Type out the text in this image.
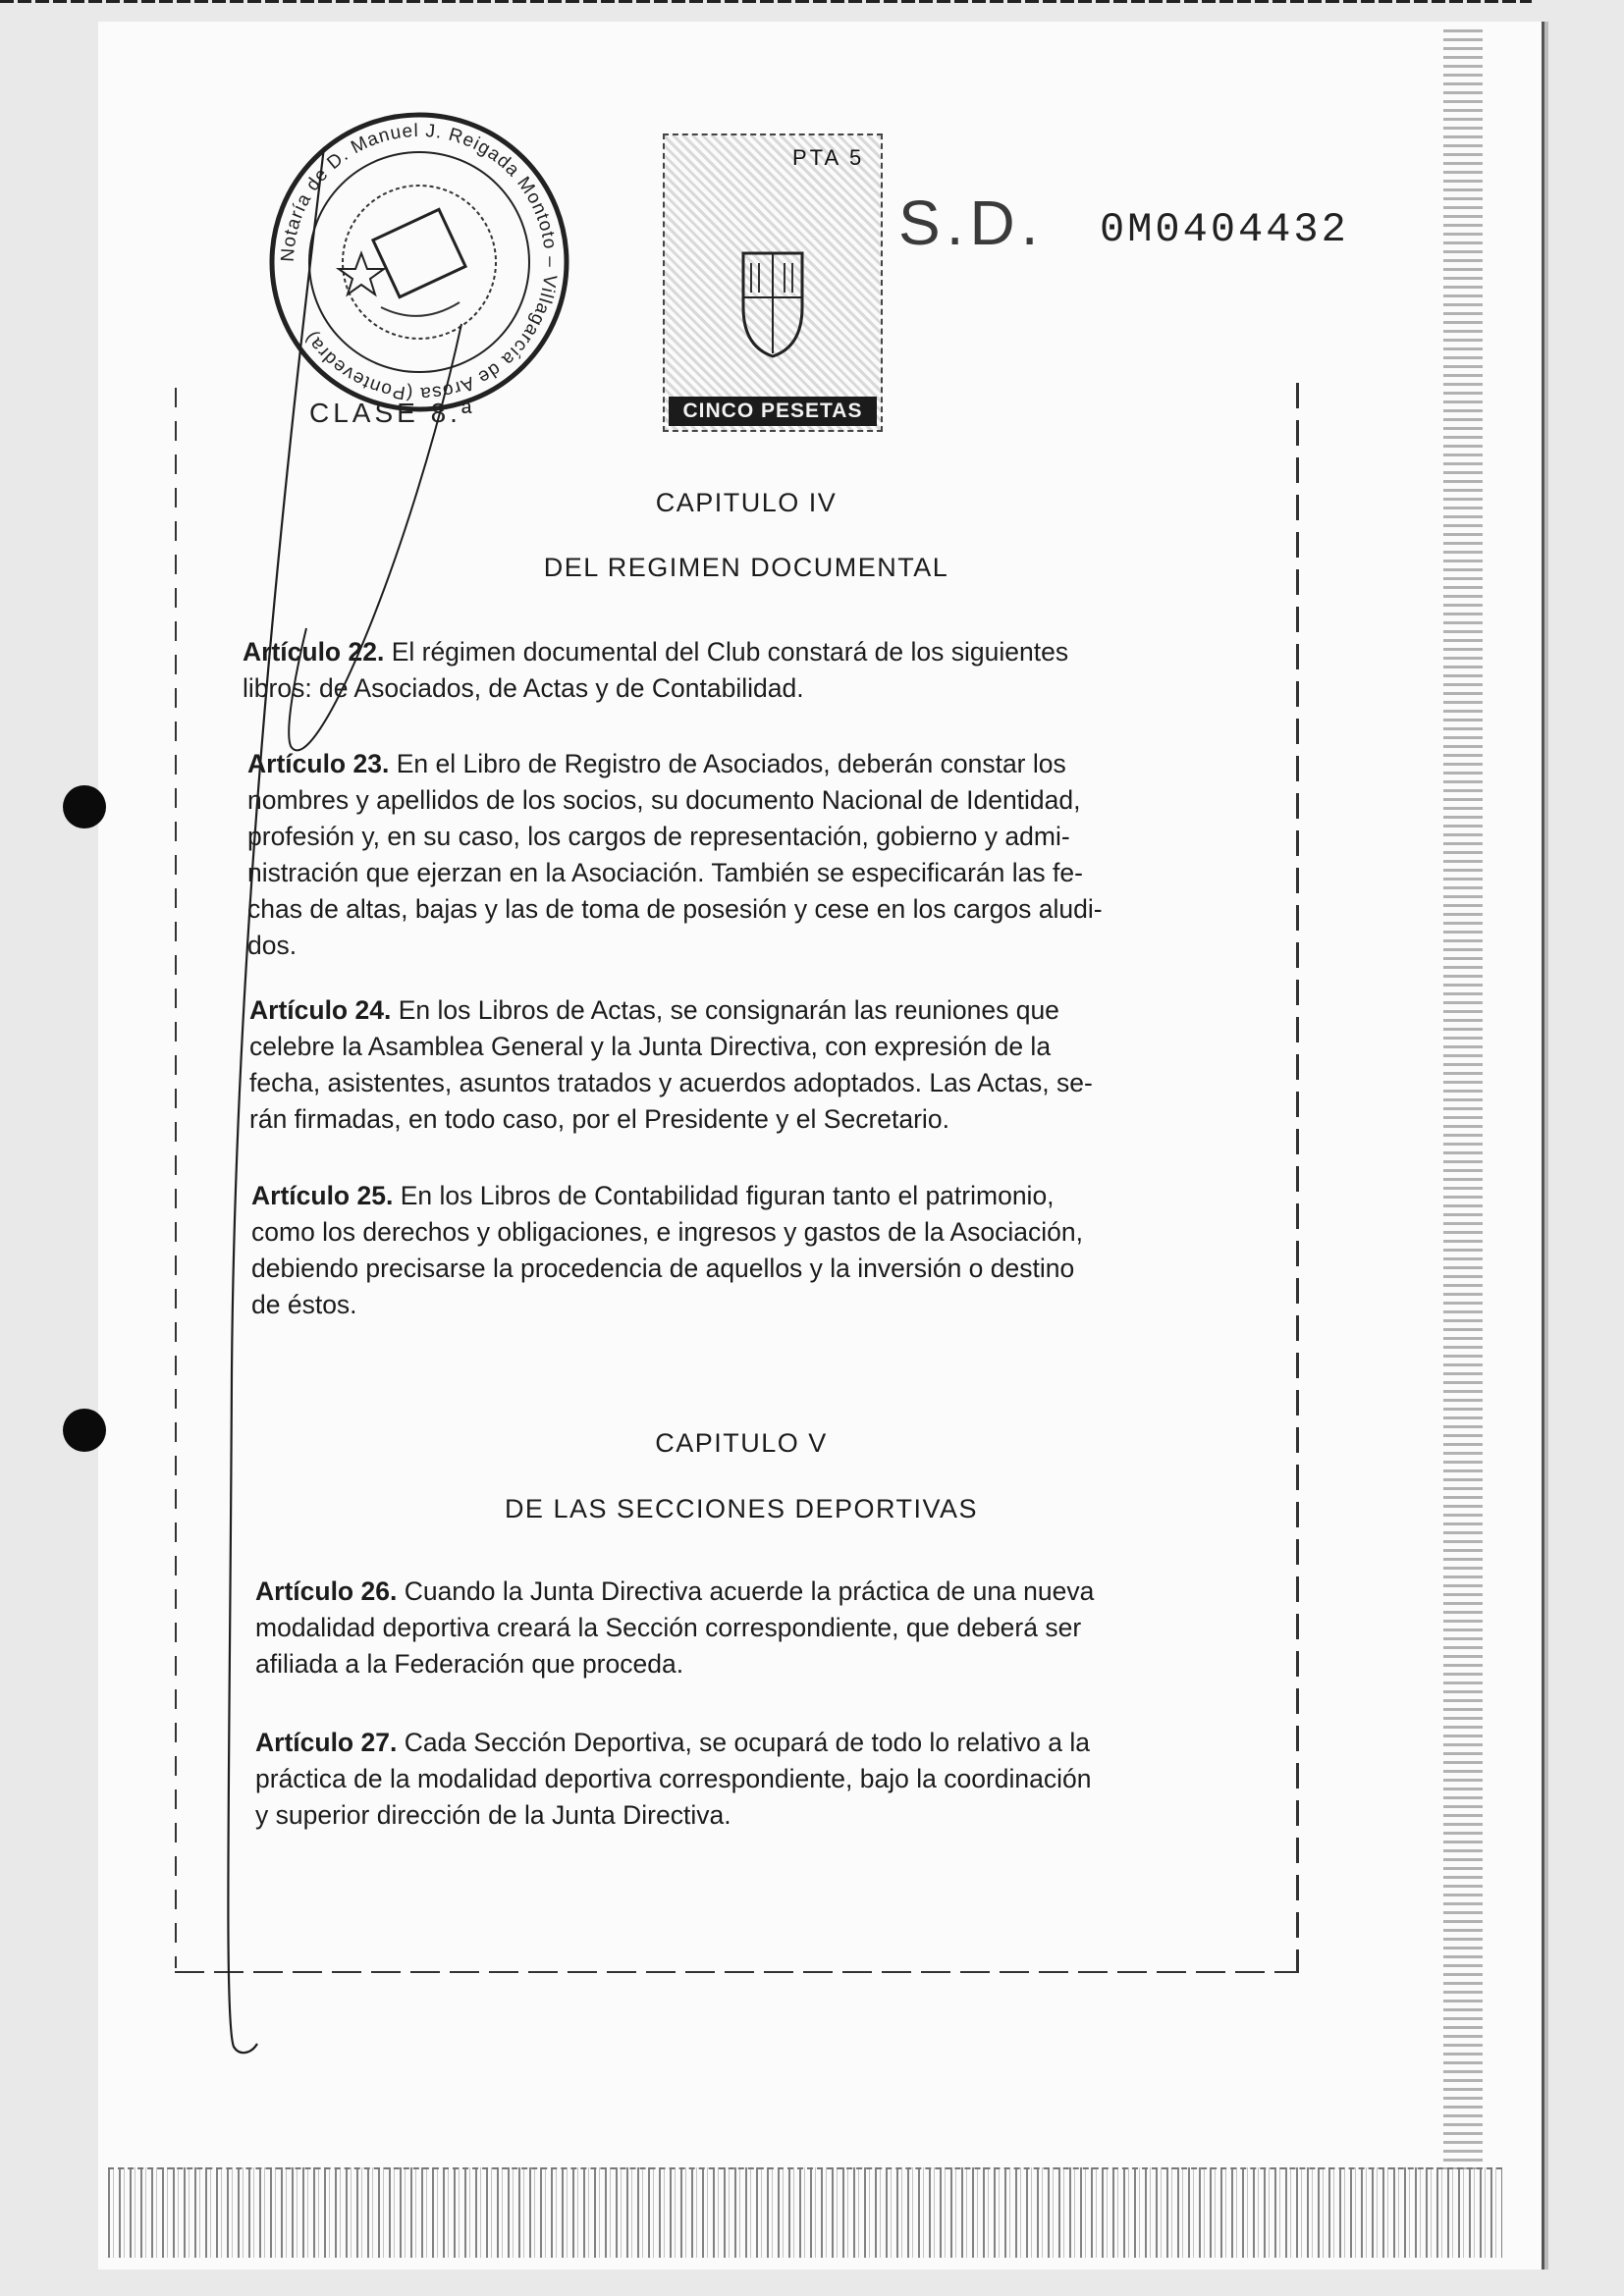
Notaría de D. Manuel J. Reigada Montoto – Villagarcía de Arosa (Pontevedra)
CLASE 8.ª
PTA 5
CINCO PESETAS
S.D. 0M0404432
CAPITULO IV
DEL REGIMEN DOCUMENTAL
Artículo 22. El régimen documental del Club constará de los siguientes
libros: de Asociados, de Actas y de Contabilidad.
Artículo 23. En el Libro de Registro de Asociados, deberán constar los
nombres y apellidos de los socios, su documento Nacional de Identidad,
profesión y, en su caso, los cargos de representación, gobierno y admi-
nistración que ejerzan en la Asociación. También se especificarán las fe-
chas de altas, bajas y las de toma de posesión y cese en los cargos aludi-
dos.
Artículo 24. En los Libros de Actas, se consignarán las reuniones que
celebre la Asamblea General y la Junta Directiva, con expresión de la
fecha, asistentes, asuntos tratados y acuerdos adoptados. Las Actas, se-
rán firmadas, en todo caso, por el Presidente y el Secretario.
Artículo 25. En los Libros de Contabilidad figuran tanto el patrimonio,
como los derechos y obligaciones, e ingresos y gastos de la Asociación,
debiendo precisarse la procedencia de aquellos y la inversión o destino
de éstos.
CAPITULO V
DE LAS SECCIONES DEPORTIVAS
Artículo 26. Cuando la Junta Directiva acuerde la práctica de una nueva
modalidad deportiva creará la Sección correspondiente, que deberá ser
afiliada a la Federación que proceda.
Artículo 27. Cada Sección Deportiva, se ocupará de todo lo relativo a la
práctica de la modalidad deportiva correspondiente, bajo la coordinación
y superior dirección de la Junta Directiva.
